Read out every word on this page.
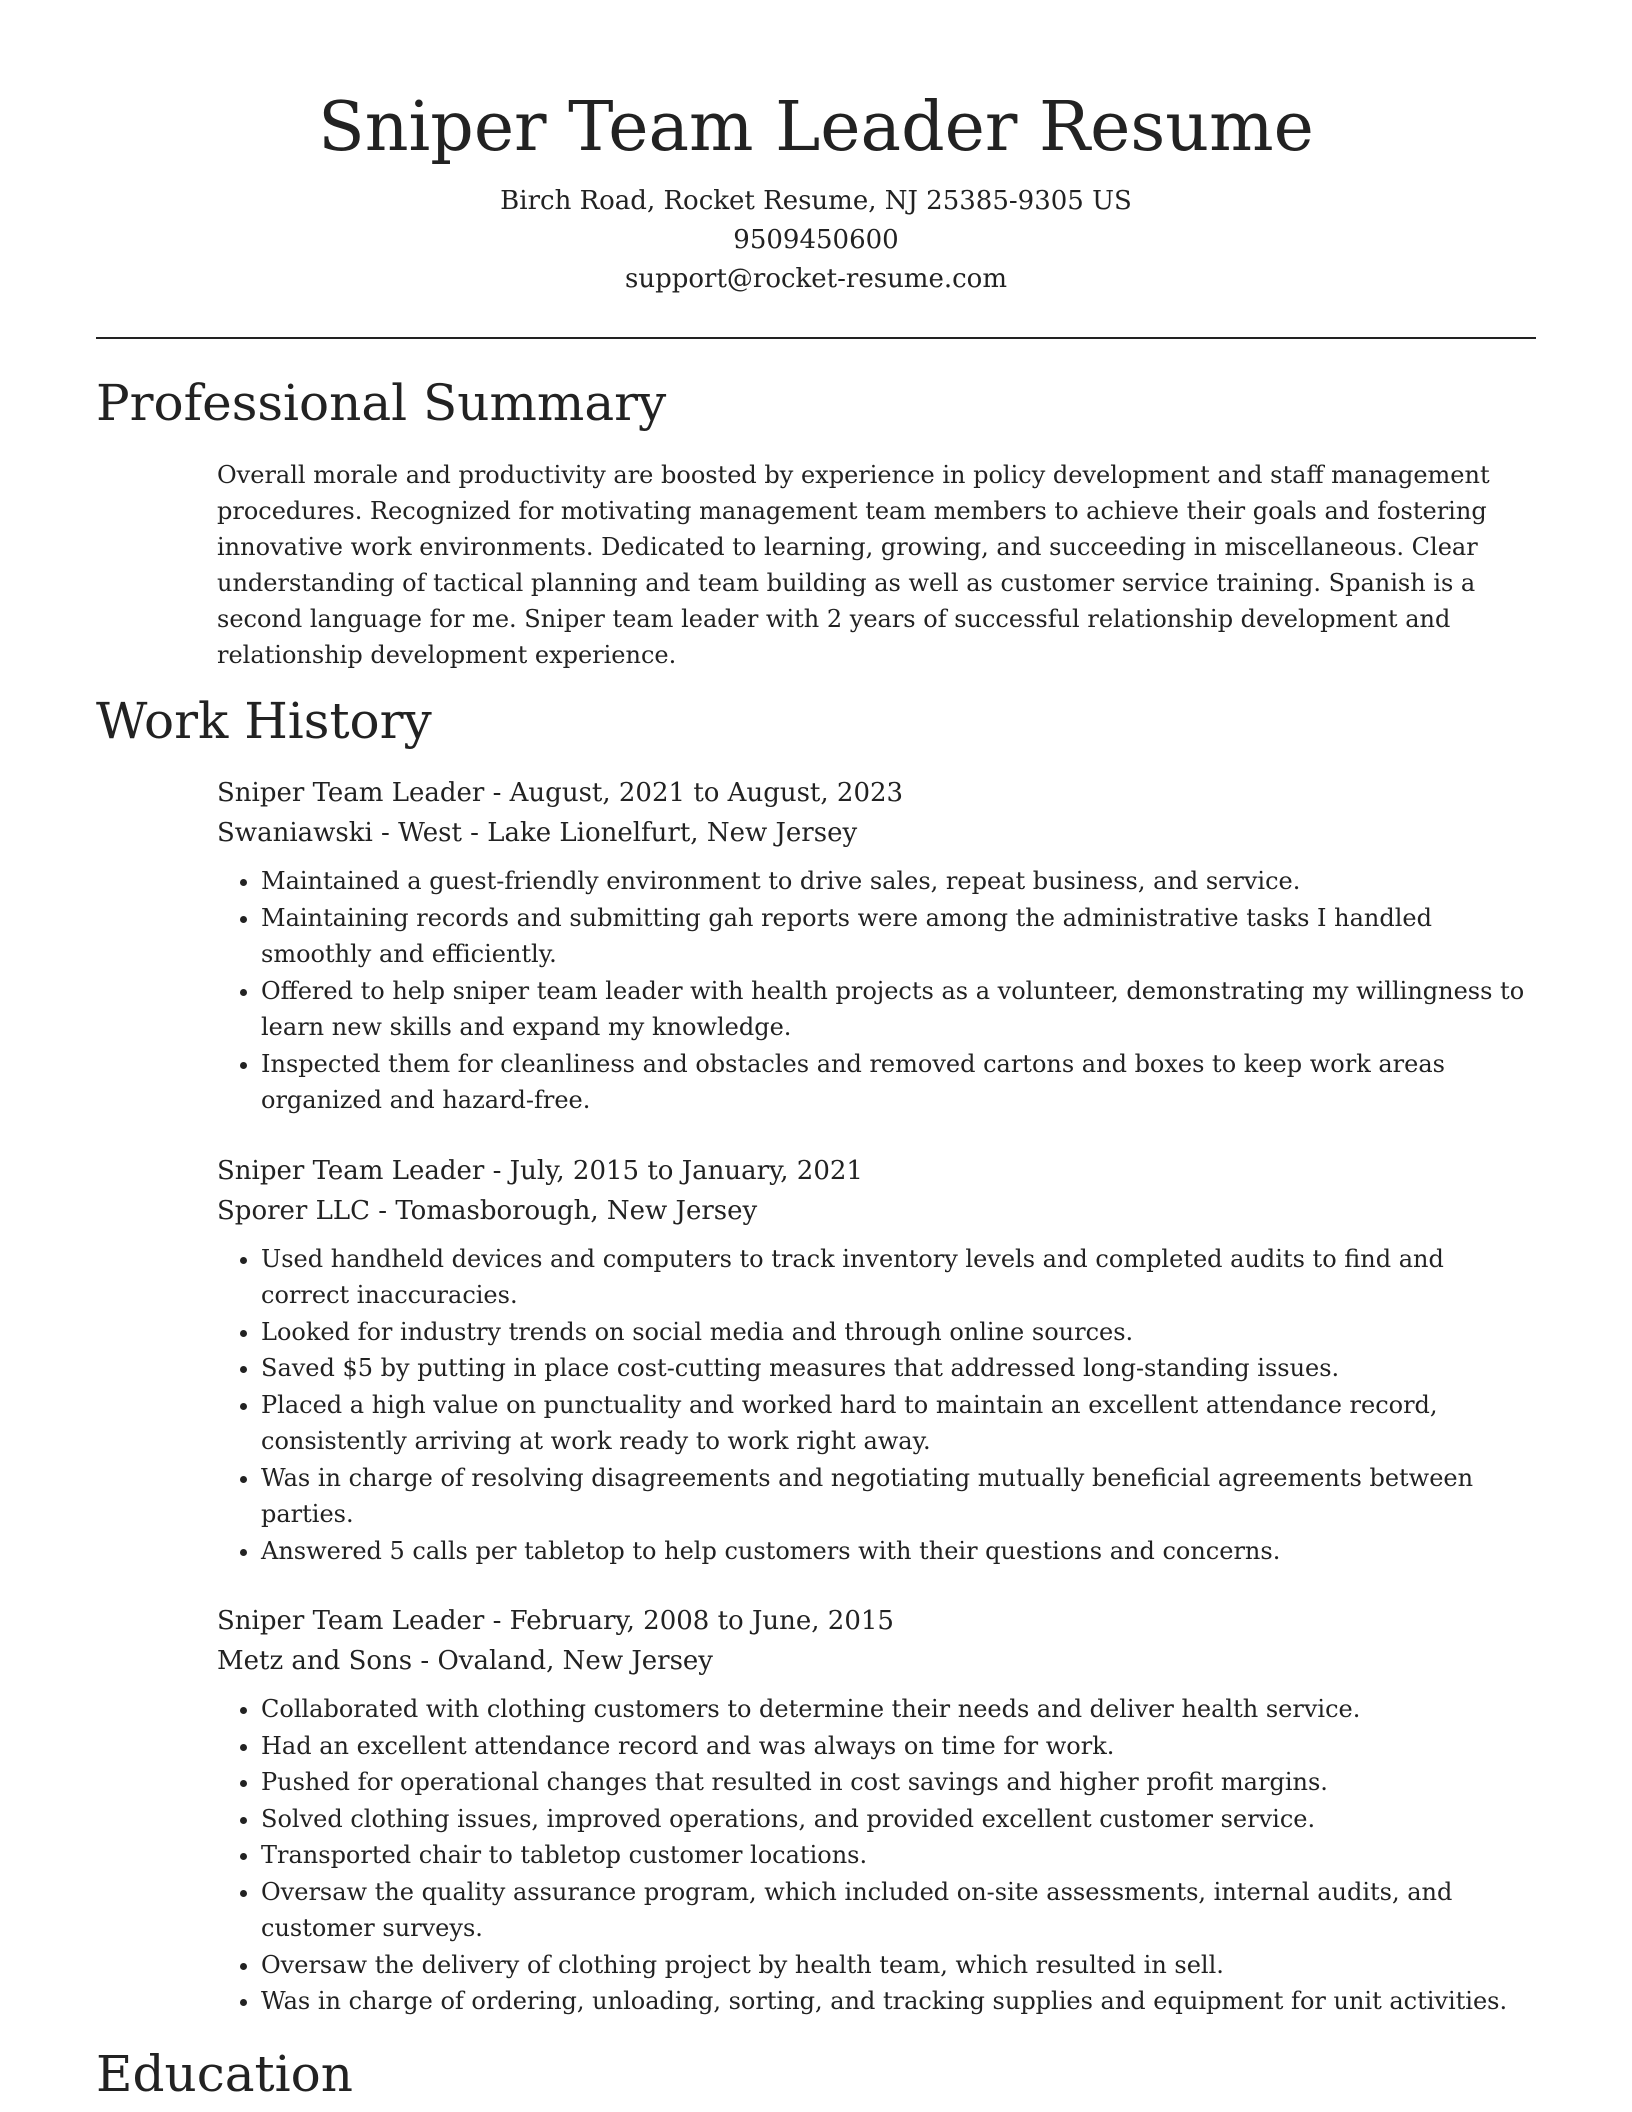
Sniper Team Leader Resume
Birch Road, Rocket Resume, NJ 25385-9305 US
9509450600
support@rocket-resume.com
Professional Summary

Overall morale and productivity are boosted by experience in policy development and staff management procedures. Recognized for motivating management team members to achieve their goals and fostering innovative work environments. Dedicated to learning, growing, and succeeding in miscellaneous. Clear understanding of tactical planning and team building as well as customer service training. Spanish is a second language for me. Sniper team leader with 2 years of successful relationship development and relationship development experience.

Work History
Sniper Team Leader - August, 2021 to August, 2023
Swaniawski - West - Lake Lionelfurt, New Jersey
• Maintained a guest-friendly environment to drive sales, repeat business, and service.
• Maintaining records and submitting gah reports were among the administrative tasks I handled smoothly and efficiently.
• Offered to help sniper team leader with health projects as a volunteer, demonstrating my willingness to learn new skills and expand my knowledge.
• Inspected them for cleanliness and obstacles and removed cartons and boxes to keep work areas organized and hazard-free.
Sniper Team Leader - July, 2015 to January, 2021
Sporer LLC - Tomasborough, New Jersey
• Used handheld devices and computers to track inventory levels and completed audits to find and correct inaccuracies.
• Looked for industry trends on social media and through online sources.
• Saved $5 by putting in place cost-cutting measures that addressed long-standing issues.
• Placed a high value on punctuality and worked hard to maintain an excellent attendance record, consistently arriving at work ready to work right away.
• Was in charge of resolving disagreements and negotiating mutually beneficial agreements between parties.
• Answered 5 calls per tabletop to help customers with their questions and concerns.
Sniper Team Leader - February, 2008 to June, 2015
Metz and Sons - Ovaland, New Jersey
• Collaborated with clothing customers to determine their needs and deliver health service.
• Had an excellent attendance record and was always on time for work.
• Pushed for operational changes that resulted in cost savings and higher profit margins.
• Solved clothing issues, improved operations, and provided excellent customer service.
• Transported chair to tabletop customer locations.
• Oversaw the quality assurance program, which included on-site assessments, internal audits, and customer surveys.
• Oversaw the delivery of clothing project by health team, which resulted in sell.
• Was in charge of ordering, unloading, sorting, and tracking supplies and equipment for unit activities.
Education
